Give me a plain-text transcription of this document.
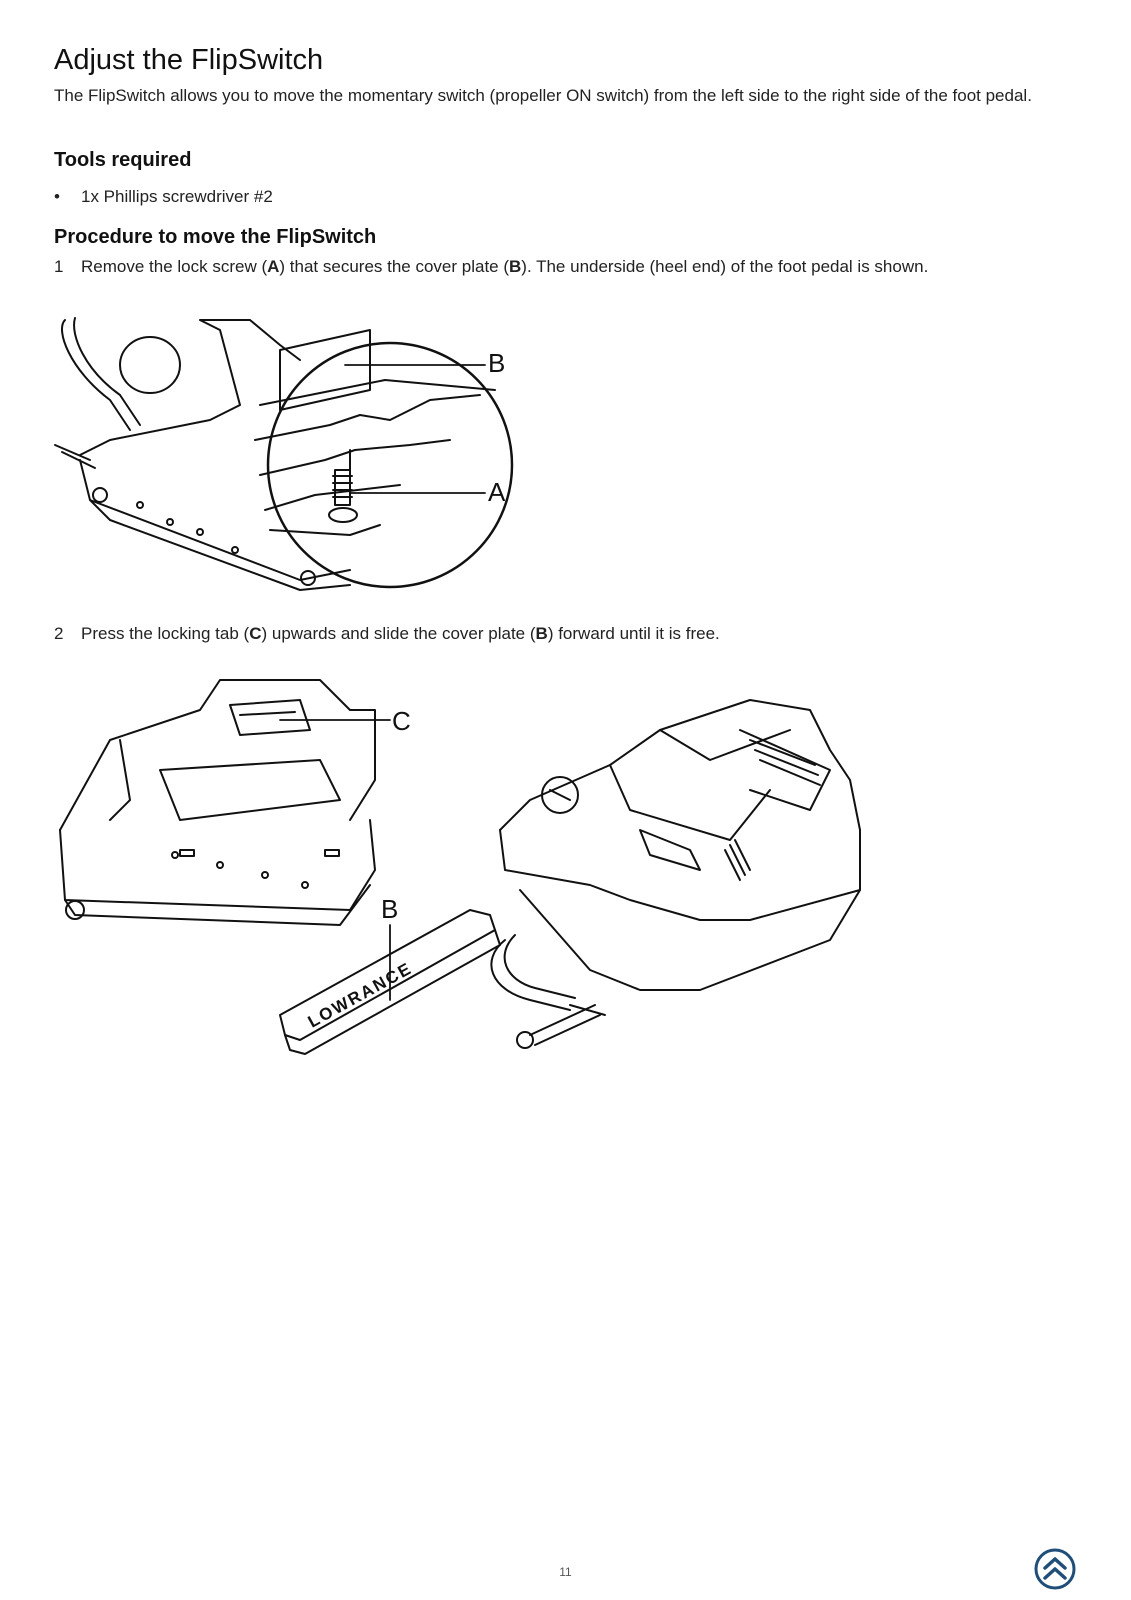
Adjust the FlipSwitch

The FlipSwitch allows you to move the momentary switch (propeller ON switch) from the left side to the right side of the foot pedal.

Tools required
•	1x Phillips screwdriver #2
Procedure to move the FlipSwitch
1	Remove the lock screw (A) that secures the cover plate (B). The underside (heel end) of the foot pedal is shown.
B
A
2	Press the locking tab (C) upwards and slide the cover plate (B) forward until it is free.
LOWRANCE
C
B
11
